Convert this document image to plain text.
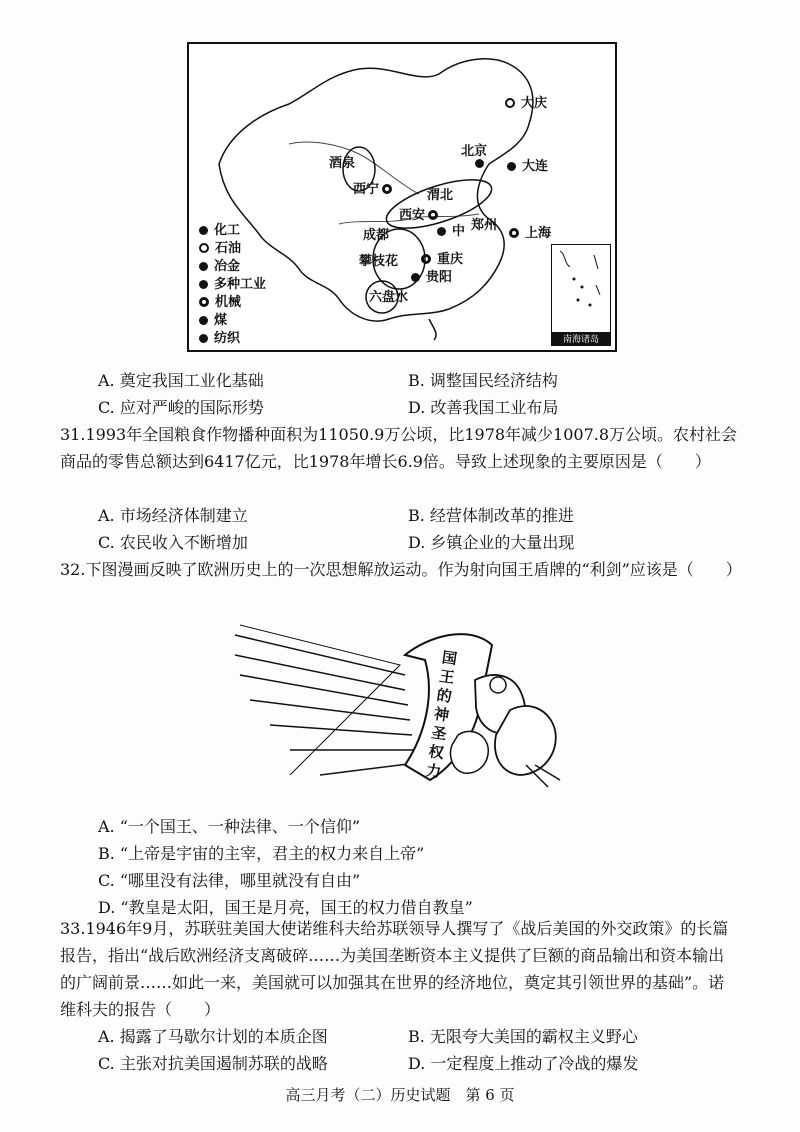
大庆
北京
大连
酒泉
西宁	渭北
西安
中 郑州
上海
成都
重庆
攀枝花
贵阳
六盘水
化工
石油
冶金
多种工业
机械
煤
纺织	南海诸岛
A. 奠定我国工业化基础	B. 调整国民经济结构
C. 应对严峻的国际形势	D. 改善我国工业布局
31.1993年全国粮食作物播种面积为11050.9万公顷，比1978年减少1007.8万公顷。农村社会商品的零售总额达到6417亿元，比1978年增长6.9倍。导致上述现象的主要原因是（　　）
A. 市场经济体制建立	B. 经营体制改革的推进
C. 农民收入不断增加	D. 乡镇企业的大量出现
32.下图漫画反映了欧洲历史上的一次思想解放运动。作为射向国王盾牌的“利剑”应该是（　　）
国王的神圣权力
A. “一个国王、一种法律、一个信仰”
B. “上帝是宇宙的主宰，君主的权力来自上帝”
C. “哪里没有法律，哪里就没有自由”
D. “教皇是太阳，国王是月亮，国王的权力借自教皇”
33.1946年9月，苏联驻美国大使诺维科夫给苏联领导人撰写了《战后美国的外交政策》的长篇报告，指出“战后欧洲经济支离破碎……为美国垄断资本主义提供了巨额的商品输出和资本输出的广阔前景……如此一来，美国就可以加强其在世界的经济地位，奠定其引领世界的基础”。诺维科夫的报告（　　）
A. 揭露了马歇尔计划的本质企图	B. 无限夸大美国的霸权主义野心
C. 主张对抗美国遏制苏联的战略	D. 一定程度上推动了冷战的爆发
高三月考（二）历史试题　第 6 页
